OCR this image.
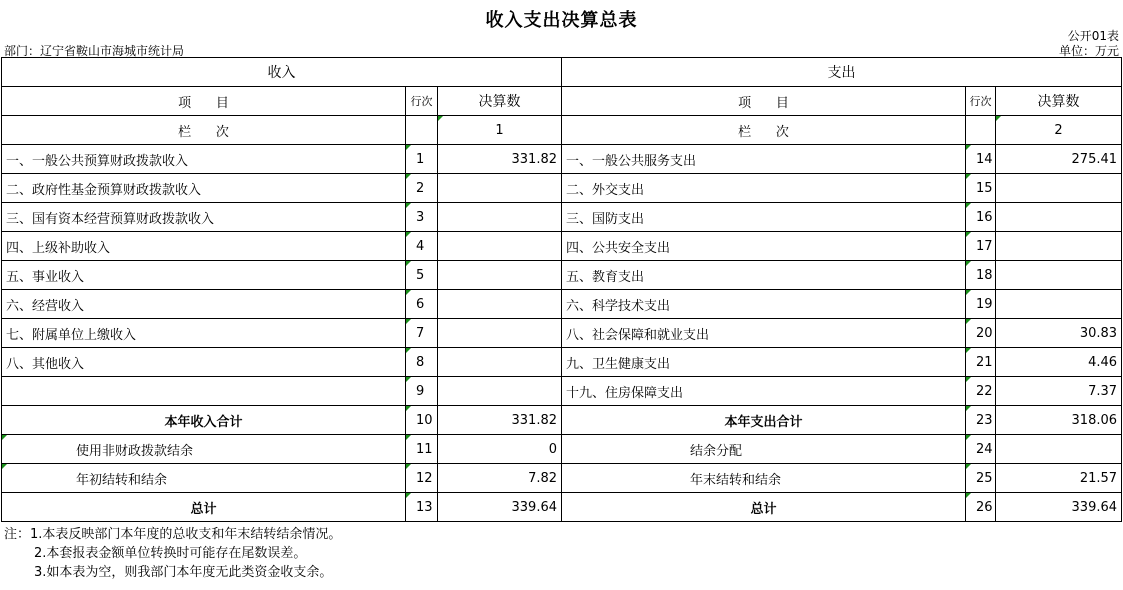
收入支出决算总表
公开01表
部门：辽宁省鞍山市海城市统计局	单位：万元
收入			支出		
项      目	行次	决算数	项      目	行次	决算数
栏      次		1	栏      次		2
一、一般公共预算财政拨款收入	1	331.82	一、一般公共服务支出	14	275.41
二、政府性基金预算财政拨款收入	2		二、外交支出	15	
三、国有资本经营预算财政拨款收入	3		三、国防支出	16	
四、上级补助收入	4		四、公共安全支出	17	
五、事业收入	5		五、教育支出	18	
六、经营收入	6		六、科学技术支出	19	
七、附属单位上缴收入	7		八、社会保障和就业支出	20	30.83
八、其他收入	8		九、卫生健康支出	21	4.46
	9		十九、住房保障支出	22	7.37
本年收入合计	10	331.82	本年支出合计	23	318.06
使用非财政拨款结余	11	0	结余分配	24	
年初结转和结余	12	7.82	年末结转和结余	25	21.57
总计	13	339.64	总计	26	339.64
注：1.本表反映部门本年度的总收支和年末结转结余情况。
2.本套报表金额单位转换时可能存在尾数误差。
3.如本表为空，则我部门本年度无此类资金收支余。
